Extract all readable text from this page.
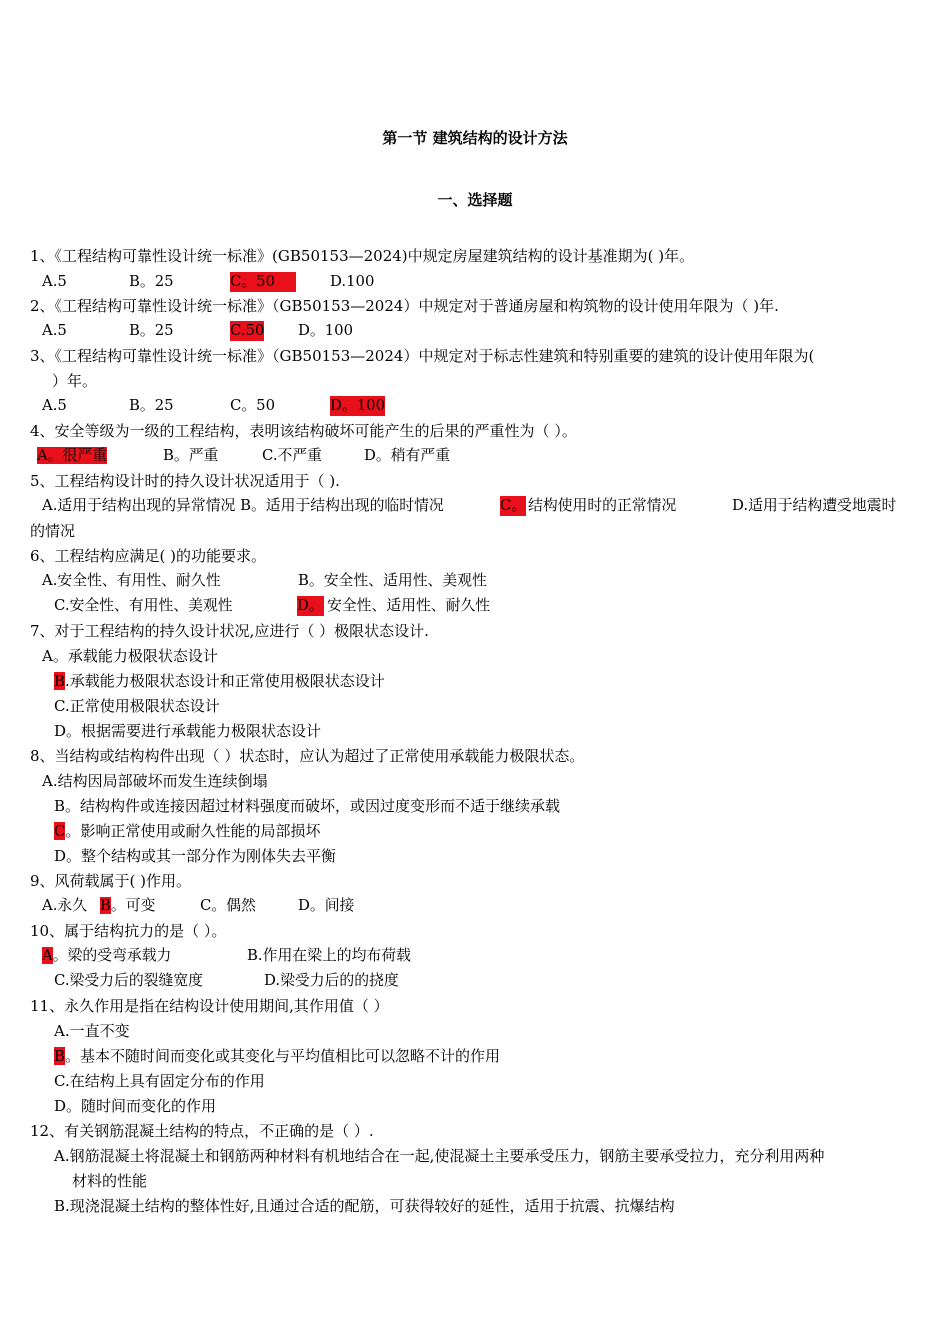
第一节 建筑结构的设计方法
一、选择题
1、《工程结构可靠性设计统一标准》(GB50153—2024)中规定房屋建筑结构的设计基准期为( )年。
A.5	B。25	C。50	D.100
2、《工程结构可靠性设计统一标准》（GB50153—2024）中规定对于普通房屋和构筑物的设计使用年限为（ )年.
A.5	B。25	C.50 D。100
3、《工程结构可靠性设计统一标准》（GB50153—2024）中规定对于标志性建筑和特别重要的建筑的设计使用年限为(
）年。
A.5	B。25	C。50	D。100
4、安全等级为一级的工程结构，表明该结构破坏可能产生的后果的严重性为（ ）。
A。很严重	B。严重	C.不严重	D。稍有严重
5、工程结构设计时的持久设计状况适用于（ ).
A.适用于结构出现的异常情况 B。适用于结构出现的临时情况	C。 结构使用时的正常情况	D.适用于结构遭受地震时
的情况
6、工程结构应满足( )的功能要求。
A.安全性、有用性、耐久性	B。安全性、适用性、美观性
C.安全性、有用性、美观性	D。 安全性、适用性、耐久性
7、对于工程结构的持久设计状况,应进行（ ）极限状态设计.
A。承载能力极限状态设计
B.承载能力极限状态设计和正常使用极限状态设计
C.正常使用极限状态设计
D。根据需要进行承载能力极限状态设计
8、当结构或结构构件出现（ ）状态时，应认为超过了正常使用承载能力极限状态。
A.结构因局部破坏而发生连续倒塌
B。结构构件或连接因超过材料强度而破坏，或因过度变形而不适于继续承载
C。影响正常使用或耐久性能的局部损坏
D。整个结构或其一部分作为刚体失去平衡
9、风荷载属于( )作用。
A.永久 B。可变	C。偶然	D。间接
10、属于结构抗力的是（ ）。
A。梁的受弯承载力	B.作用在梁上的均布荷载
C.梁受力后的裂缝宽度	D.梁受力后的的挠度
11、永久作用是指在结构设计使用期间,其作用值（ ）
A.一直不变
B。基本不随时间而变化或其变化与平均值相比可以忽略不计的作用
C.在结构上具有固定分布的作用
D。随时间而变化的作用
12、有关钢筋混凝土结构的特点，不正确的是（ ）.
A.钢筋混凝土将混凝土和钢筋两种材料有机地结合在一起,使混凝土主要承受压力，钢筋主要承受拉力，充分利用两种
材料的性能
B.现浇混凝土结构的整体性好,且通过合适的配筋，可获得较好的延性，适用于抗震、抗爆结构
